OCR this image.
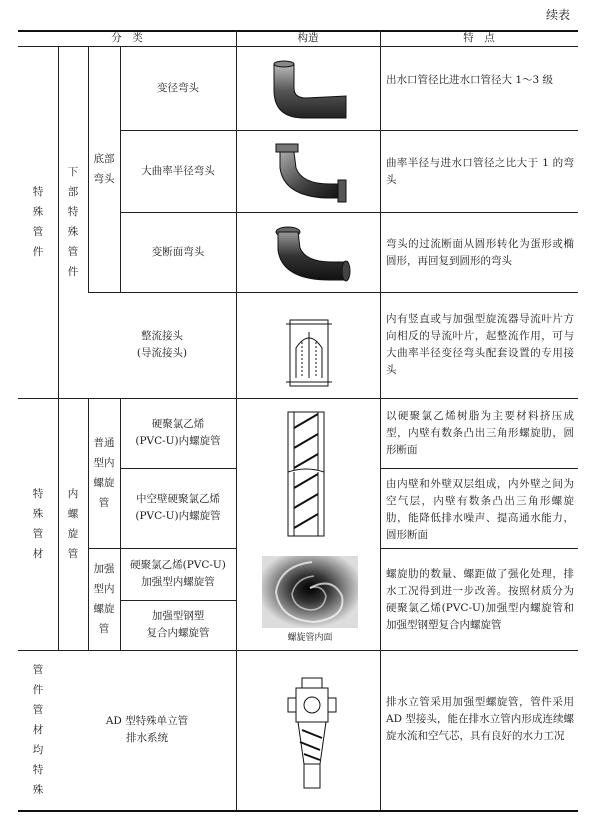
续表
分　类	构造	特　点
特殊管件
特殊管材
管件管材均特殊
下部特殊管件
内螺旋管
底部弯头
普通型内螺旋管
加强型内螺旋管
变径弯头
大曲率半径弯头
变断面弯头
整流接头
(导流接头)
硬聚氯乙烯
(PVC-U)内螺旋管
中空壁硬聚氯乙烯
(PVC-U)内螺旋管
硬聚氯乙烯(PVC-U)
加强型内螺旋管
加强型钢塑
复合内螺旋管
AD 型特殊单立管
排水系统
出水口管径比进水口管径大 1～3 级
曲率半径与进水口管径之比大于 1 的弯头
弯头的过流断面从圆形转化为蛋形或椭圆形，再回复到圆形的弯头
内有竖直或与加强型旋流器导流叶片方向相反的导流叶片，起整流作用，可与大曲率半径变径弯头配套设置的专用接头
以硬聚氯乙烯树脂为主要材料挤压成型，内壁有数条凸出三角形螺旋肋，圆形断面
由内壁和外壁双层组成，内外壁之间为空气层，内壁有数条凸出三角形螺旋肋，能降低排水噪声、提高通水能力，圆形断面
螺旋肋的数量、螺距做了强化处理，排水工况得到进一步改善。按照材质分为硬聚氯乙烯(PVC-U)加强型内螺旋管和加强型钢塑复合内螺旋管
排水立管采用加强型螺旋管，管件采用 AD 型接头，能在排水立管内形成连续螺旋水流和空气芯，具有良好的水力工况
螺旋管内面
